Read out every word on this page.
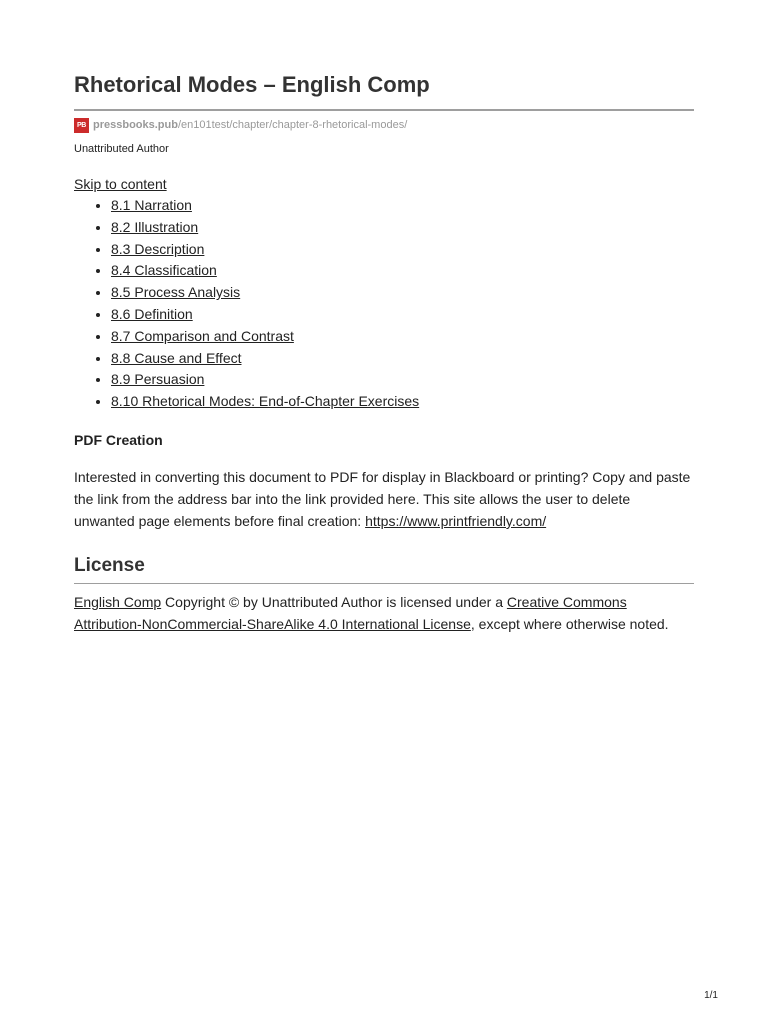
Rhetorical Modes – English Comp
PB pressbooks.pub /en101test/chapter/chapter-8-rhetorical-modes/
Unattributed Author
Skip to content
• 8.1 Narration
• 8.2 Illustration
• 8.3 Description
• 8.4 Classification
• 8.5 Process Analysis
• 8.6 Definition
• 8.7 Comparison and Contrast
• 8.8 Cause and Effect
• 8.9 Persuasion
• 8.10 Rhetorical Modes: End-of-Chapter Exercises
PDF Creation

Interested in converting this document to PDF for display in Blackboard or printing? Copy and paste the link from the address bar into the link provided here. This site allows the user to delete unwanted page elements before final creation: https://www.printfriendly.com/

License

English Comp Copyright © by Unattributed Author is licensed under a Creative Commons Attribution-NonCommercial-ShareAlike 4.0 International License, except where otherwise noted.

1/1
